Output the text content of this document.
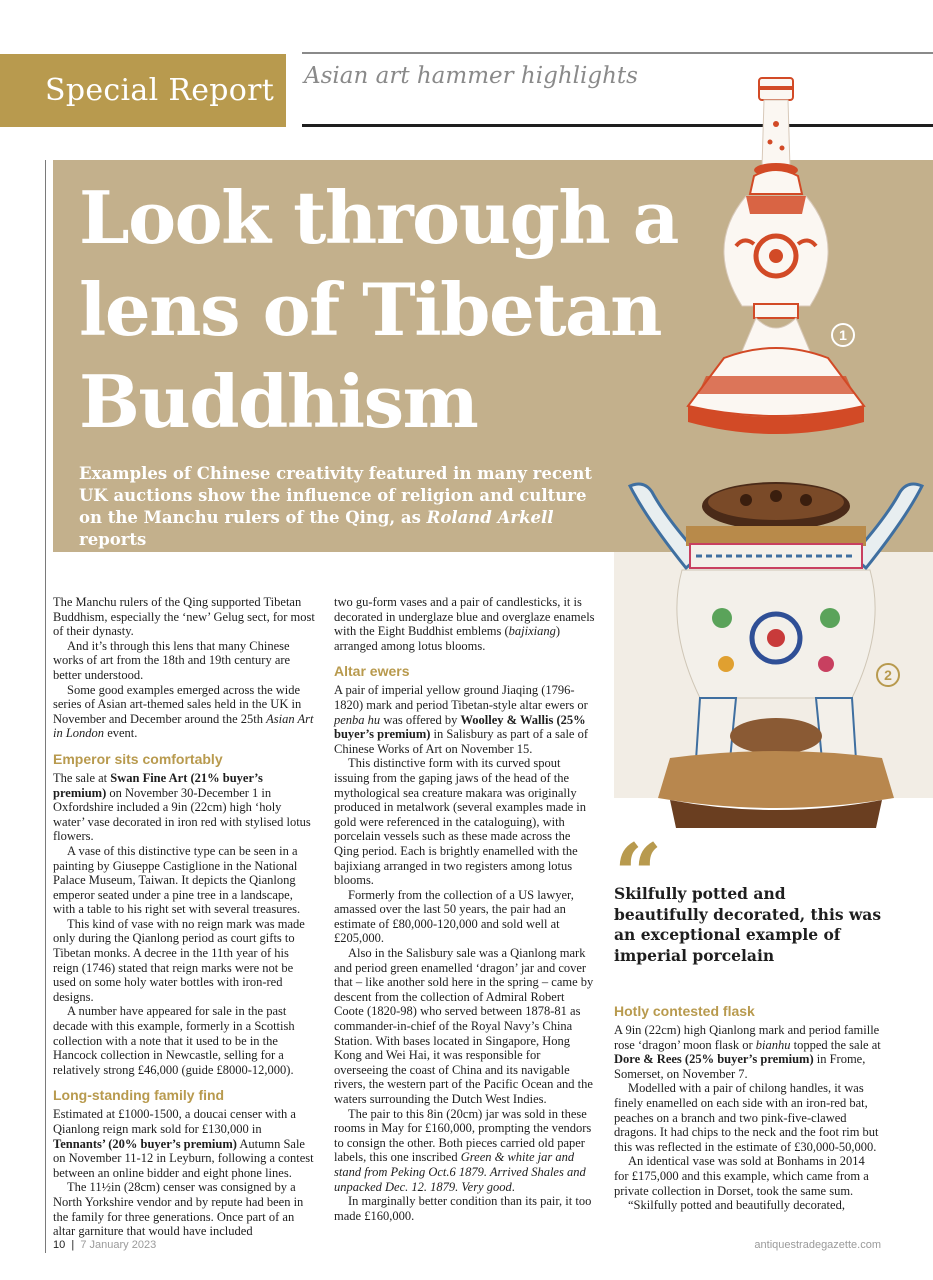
Special Report Asian art hammer highlights
Look through a lens of Tibetan Buddhism

Examples of Chinese creativity featured in many recent UK auctions show the influence of religion and culture on the Manchu rulers of the Qing, as Roland Arkell reports

1
2

The Manchu rulers of the Qing supported Tibetan Buddhism, especially the ‘new’ Gelug sect, for most of their dynasty.

And it’s through this lens that many Chinese works of art from the 18th and 19th century are better understood.

Some good examples emerged across the wide series of Asian art-themed sales held in the UK in November and December around the 25th Asian Art in London event.

Emperor sits comfortably

The sale at Swan Fine Art (21% buyer’s premium) on November 30-December 1 in Oxfordshire included a 9in (22cm) high ‘holy water’ vase decorated in iron red with stylised lotus flowers.

A vase of this distinctive type can be seen in a painting by Giuseppe Castiglione in the National Palace Museum, Taiwan. It depicts the Qianlong emperor seated under a pine tree in a landscape, with a table to his right set with several treasures.

This kind of vase with no reign mark was made only during the Qianlong period as court gifts to Tibetan monks. A decree in the 11th year of his reign (1746) stated that reign marks were not be used on some holy water bottles with iron-red designs.

A number have appeared for sale in the past decade with this example, formerly in a Scottish collection with a note that it used to be in the Hancock collection in Newcastle, selling for a relatively strong £46,000 (guide £8000-12,000).

Long-standing family find

Estimated at £1000-1500, a doucai censer with a Qianlong reign mark sold for £130,000 in Tennants’ (20% buyer’s premium) Autumn Sale on November 11-12 in Leyburn, following a contest between an online bidder and eight phone lines.

The 11½in (28cm) censer was consigned by a North Yorkshire vendor and by repute had been in the family for three generations. Once part of an altar garniture that would have included

two gu-form vases and a pair of candlesticks, it is decorated in underglaze blue and overglaze enamels with the Eight Buddhist emblems (bajixiang) arranged among lotus blooms.

Altar ewers

A pair of imperial yellow ground Jiaqing (1796-1820) mark and period Tibetan-style altar ewers or penba hu was offered by Woolley & Wallis (25% buyer’s premium) in Salisbury as part of a sale of Chinese Works of Art on November 15.

This distinctive form with its curved spout issuing from the gaping jaws of the head of the mythological sea creature makara was originally produced in metalwork (several examples made in gold were referenced in the cataloguing), with porcelain vessels such as these made across the Qing period. Each is brightly enamelled with the bajixiang arranged in two registers among lotus blooms.

Formerly from the collection of a US lawyer, amassed over the last 50 years, the pair had an estimate of £80,000-120,000 and sold well at £205,000.

Also in the Salisbury sale was a Qianlong mark and period green enamelled ‘dragon’ jar and cover that – like another sold here in the spring – came by descent from the collection of Admiral Robert Coote (1820-98) who served between 1878-81 as commander-in-chief of the Royal Navy’s China Station. With bases located in Singapore, Hong Kong and Wei Hai, it was responsible for overseeing the coast of China and its navigable rivers, the western part of the Pacific Ocean and the waters surrounding the Dutch West Indies.

The pair to this 8in (20cm) jar was sold in these rooms in May for £160,000, prompting the vendors to consign the other. Both pieces carried old paper labels, this one inscribed Green & white jar and stand from Peking Oct.6 1879. Arrived Shales and unpacked Dec. 12. 1879. Very good.

In marginally better condition than its pair, it too made £160,000.

“

Skilfully potted and beautifully decorated, this was an exceptional example of imperial porcelain

Hotly contested flask

A 9in (22cm) high Qianlong mark and period famille rose ‘dragon’ moon flask or bianhu topped the sale at Dore & Rees (25% buyer’s premium) in Frome, Somerset, on November 7.

Modelled with a pair of chilong handles, it was finely enamelled on each side with an iron-red bat, peaches on a branch and two pink-five-clawed dragons. It had chips to the neck and the foot rim but this was reflected in the estimate of £30,000-50,000.

An identical vase was sold at Bonhams in 2014 for £175,000 and this example, which came from a private collection in Dorset, took the same sum.

“Skilfully potted and beautifully decorated,

10 | 7 January 2023	antiquestradegazette.com
